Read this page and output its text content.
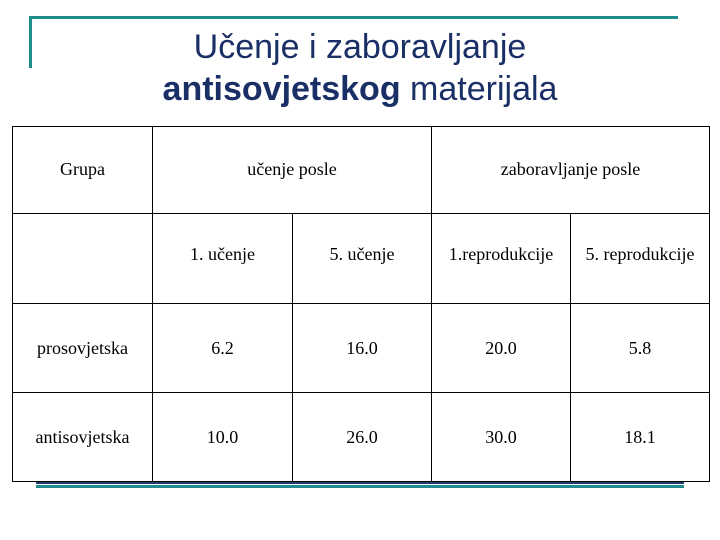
Učenje i zaboravljanje
antisovjetskog materijala
Grupa	učenje posle		zaboravljanje posle	
	1. učenje	5. učenje	1.reprodukcije	5. reprodukcije
prosovjetska	6.2	16.0	20.0	5.8
antisovjetska	10.0	26.0	30.0	18.1
